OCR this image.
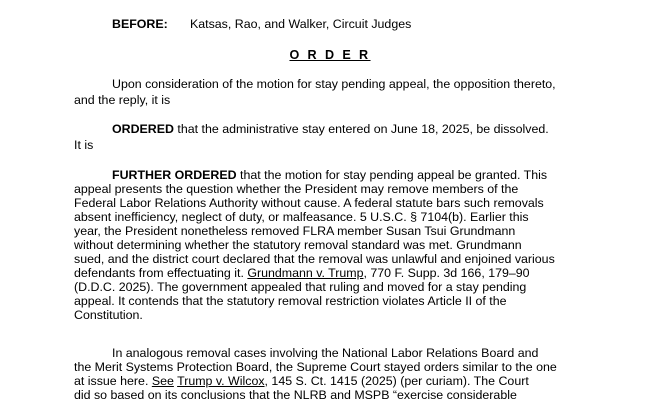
BEFORE: Katsas, Rao, and Walker, Circuit Judges
O R D E R
Upon consideration of the motion for stay pending appeal, the opposition thereto,
and the reply, it is
ORDERED that the administrative stay entered on June 18, 2025, be dissolved.
It is
FURTHER ORDERED that the motion for stay pending appeal be granted. This
appeal presents the question whether the President may remove members of the
Federal Labor Relations Authority without cause. A federal statute bars such removals
absent inefficiency, neglect of duty, or malfeasance. 5 U.S.C. § 7104(b). Earlier this
year, the President nonetheless removed FLRA member Susan Tsui Grundmann
without determining whether the statutory removal standard was met. Grundmann
sued, and the district court declared that the removal was unlawful and enjoined various
defendants from effectuating it. Grundmann v. Trump, 770 F. Supp. 3d 166, 179–90
(D.D.C. 2025). The government appealed that ruling and moved for a stay pending
appeal. It contends that the statutory removal restriction violates Article II of the
Constitution.
In analogous removal cases involving the National Labor Relations Board and
the Merit Systems Protection Board, the Supreme Court stayed orders similar to the one
at issue here. See Trump v. Wilcox, 145 S. Ct. 1415 (2025) (per curiam). The Court
did so based on its conclusions that the NLRB and MSPB “exercise considerable
